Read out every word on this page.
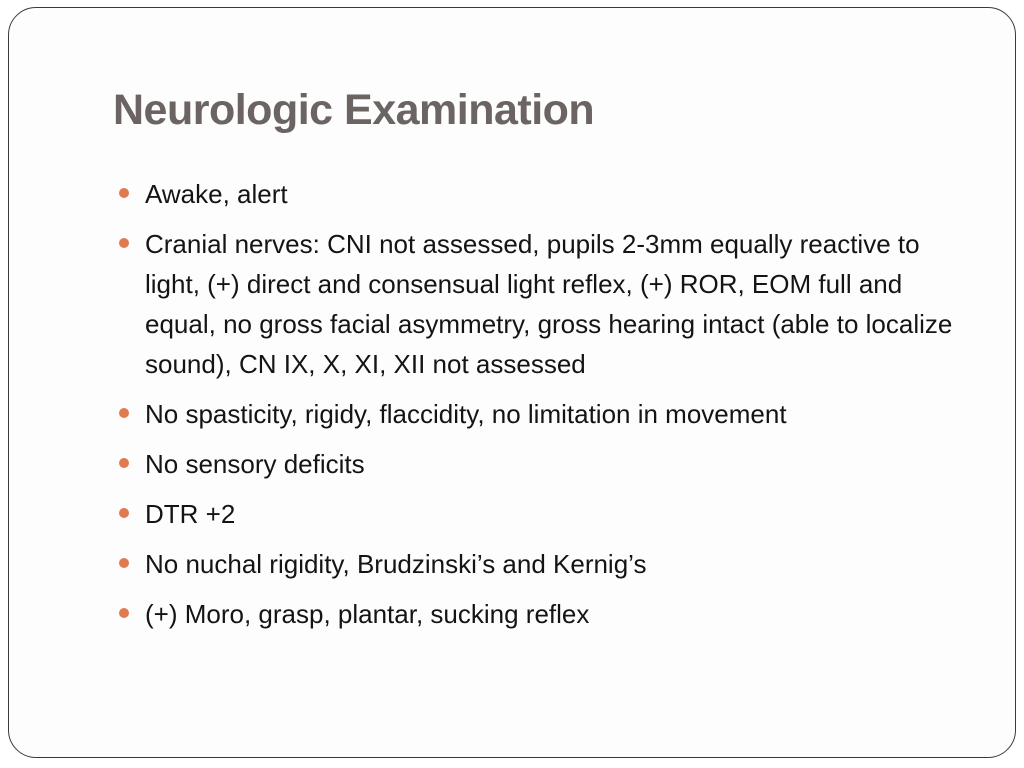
Neurologic Examination
Awake, alert
Cranial nerves: CNI not assessed, pupils 2-3mm equally reactive to light, (+) direct and consensual light reflex, (+) ROR, EOM full and equal, no gross facial asymmetry, gross hearing intact (able to localize sound), CN IX, X, XI, XII not assessed
No spasticity, rigidy, flaccidity, no limitation in movement
No sensory deficits
DTR +2
No nuchal rigidity, Brudzinski’s and Kernig’s
(+) Moro, grasp, plantar, sucking reflex
